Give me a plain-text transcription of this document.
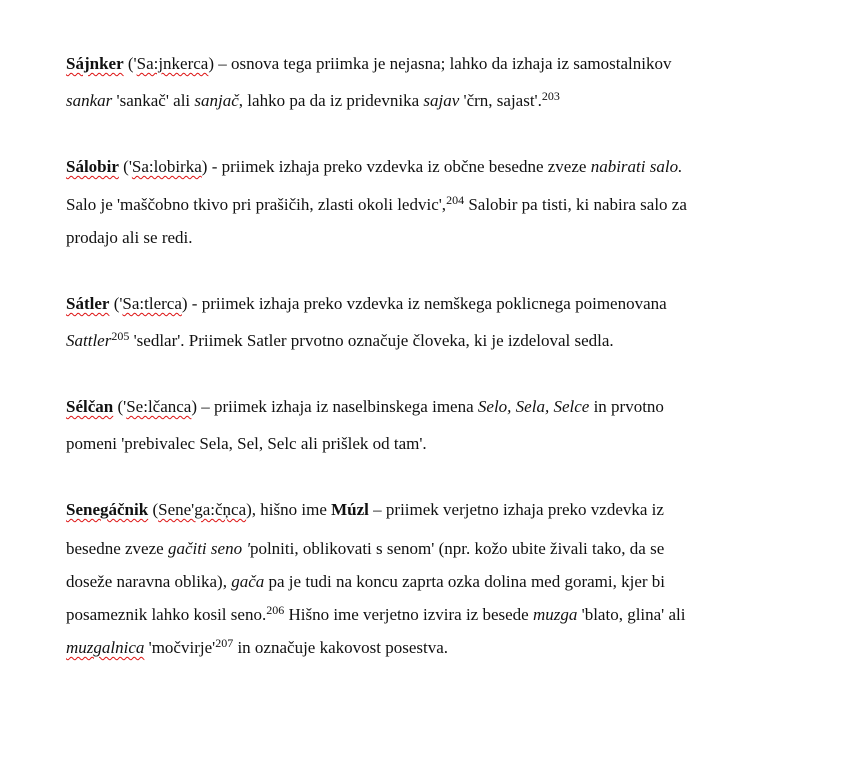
Sájnker ('Sa:jnkerca) – osnova tega priimka je nejasna; lahko da izhaja iz samostalnikov
sankar 'sankač' ali sanjač, lahko pa da iz pridevnika sajav 'črn, sajast'.$^{203}$
Sálobir ('Sa:lobirka) - priimek izhaja preko vzdevka iz občne besedne zveze nabirati salo.
Salo je 'maščobno tkivo pri prašičih, zlasti okoli ledvic',$^{204}$ Salobir pa tisti, ki nabira salo za
prodajo ali se redi.
Sátler ('Sa:tlerca) - priimek izhaja preko vzdevka iz nemškega poklicnega poimenovana
Sattler$^{205}$ 'sedlar'. Priimek Satler prvotno označuje človeka, ki je izdeloval sedla.
Sélčan ('Se:lčanca) – priimek izhaja iz naselbinskega imena Selo, Sela, Selce in prvotno
pomeni 'prebivalec Sela, Sel, Selc ali prišlek od tam'.
Senegáčnik (Sene'ga:čņca), hišno ime Múzl – priimek verjetno izhaja preko vzdevka iz
besedne zveze gačiti seno 'polniti, oblikovati s senom' (npr. kožo ubite živali tako, da se
doseže naravna oblika), gača pa je tudi na koncu zaprta ozka dolina med gorami, kjer bi
posameznik lahko kosil seno.$^{206}$ Hišno ime verjetno izvira iz besede muzga 'blato, glina' ali
muzgalnica '$močvirje'^{207}$ in označuje kakovost posestva.
